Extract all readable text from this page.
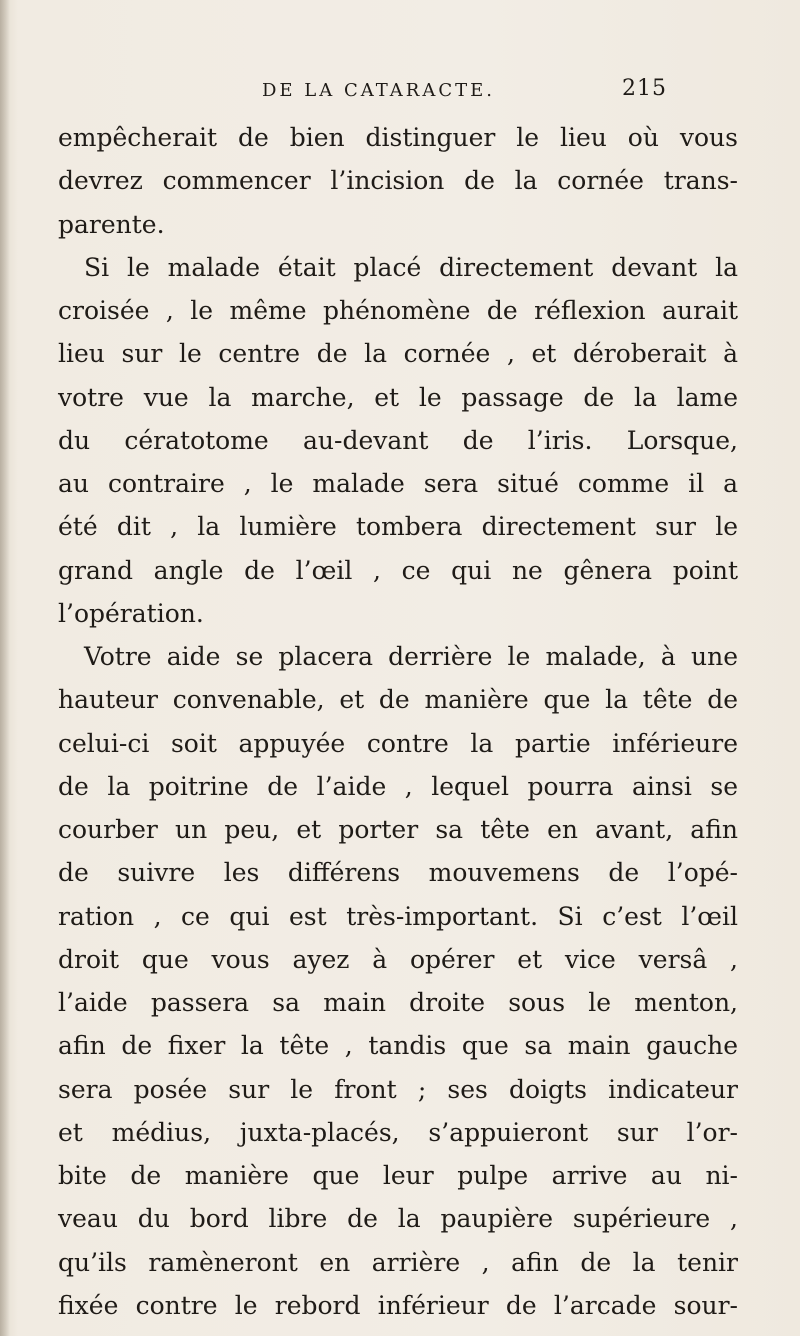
DE LA CATARACTE.	215
empêcherait de bien distinguer le lieu où vous
devrez commencer l’incision de la cornée trans-
parente.
Si le malade était placé directement devant la
croisée , le même phénomène de réflexion aurait
lieu sur le centre de la cornée , et déroberait à
votre vue la marche, et le passage de la lame
du cératotome au-devant de l’iris. Lorsque,
au contraire , le malade sera situé comme il a
été dit , la lumière tombera directement sur le
grand angle de l’œil , ce qui ne gênera point
l’opération.
Votre aide se placera derrière le malade, à une
hauteur convenable, et de manière que la tête de
celui-ci soit appuyée contre la partie inférieure
de la poitrine de l’aide , lequel pourra ainsi se
courber un peu, et porter sa tête en avant, afin
de suivre les différens mouvemens de l’opé-
ration , ce qui est très-important. Si c’est l’œil
droit que vous ayez à opérer et vice versâ ,
l’aide passera sa main droite sous le menton,
afin de fixer la tête , tandis que sa main gauche
sera posée sur le front ; ses doigts indicateur
et médius, juxta-placés, s’appuieront sur l’or-
bite de manière que leur pulpe arrive au ni-
veau du bord libre de la paupière supérieure ,
qu’ils ramèneront en arrière , afin de la tenir
fixée contre le rebord inférieur de l’arcade sour-
